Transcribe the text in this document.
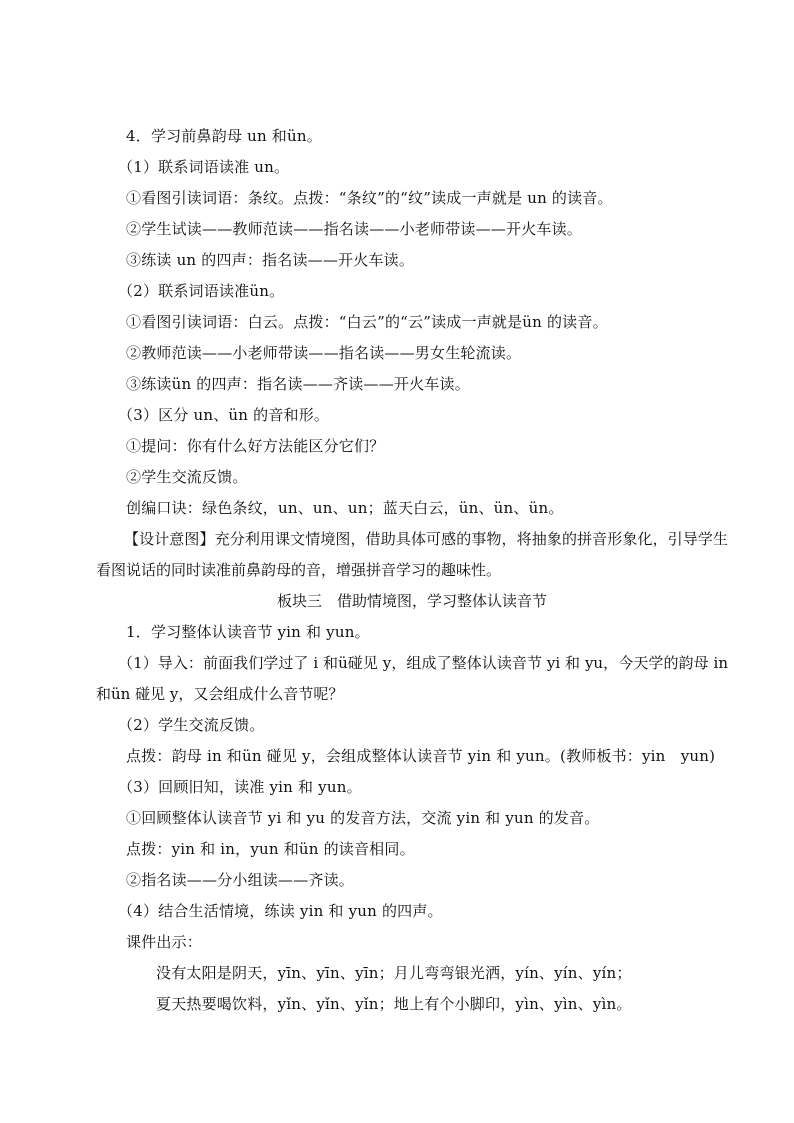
4．学习前鼻韵母 un 和ün。
（1）联系词语读准 un。
①看图引读词语：条纹。点拨：“条纹”的“纹”读成一声就是 un 的读音。
②学生试读——教师范读——指名读——小老师带读——开火车读。
③练读 un 的四声：指名读——开火车读。
（2）联系词语读准ün。
①看图引读词语：白云。点拨：“白云”的“云”读成一声就是ün 的读音。
②教师范读——小老师带读——指名读——男女生轮流读。
③练读ün 的四声：指名读——齐读——开火车读。
（3）区分 un、ün 的音和形。
①提问：你有什么好方法能区分它们？
②学生交流反馈。
创编口诀：绿色条纹，un、un、un；蓝天白云，ün、ün、ün。
【设计意图】充分利用课文情境图，借助具体可感的事物，将抽象的拼音形象化，引导学生看图说话的同时读准前鼻韵母的音，增强拼音学习的趣味性。
板块三　借助情境图，学习整体认读音节
1．学习整体认读音节 yin 和 yun。
（1）导入：前面我们学过了 i 和ü碰见 y，组成了整体认读音节 yi 和 yu，今天学的韵母 in 和ün 碰见 y，又会组成什么音节呢？
（2）学生交流反馈。
点拨：韵母 in 和ün 碰见 y，会组成整体认读音节 yin 和 yun。(教师板书：yin　yun)
（3）回顾旧知，读准 yin 和 yun。
①回顾整体认读音节 yi 和 yu 的发音方法，交流 yin 和 yun 的发音。
点拨：yin 和 in，yun 和ün 的读音相同。
②指名读——分小组读——齐读。
（4）结合生活情境，练读 yin 和 yun 的四声。
课件出示：
没有太阳是阴天，yīn、yīn、yīn；月儿弯弯银光洒，yín、yín、yín；
夏天热要喝饮料，yǐn、yǐn、yǐn；地上有个小脚印，yìn、yìn、yìn。
